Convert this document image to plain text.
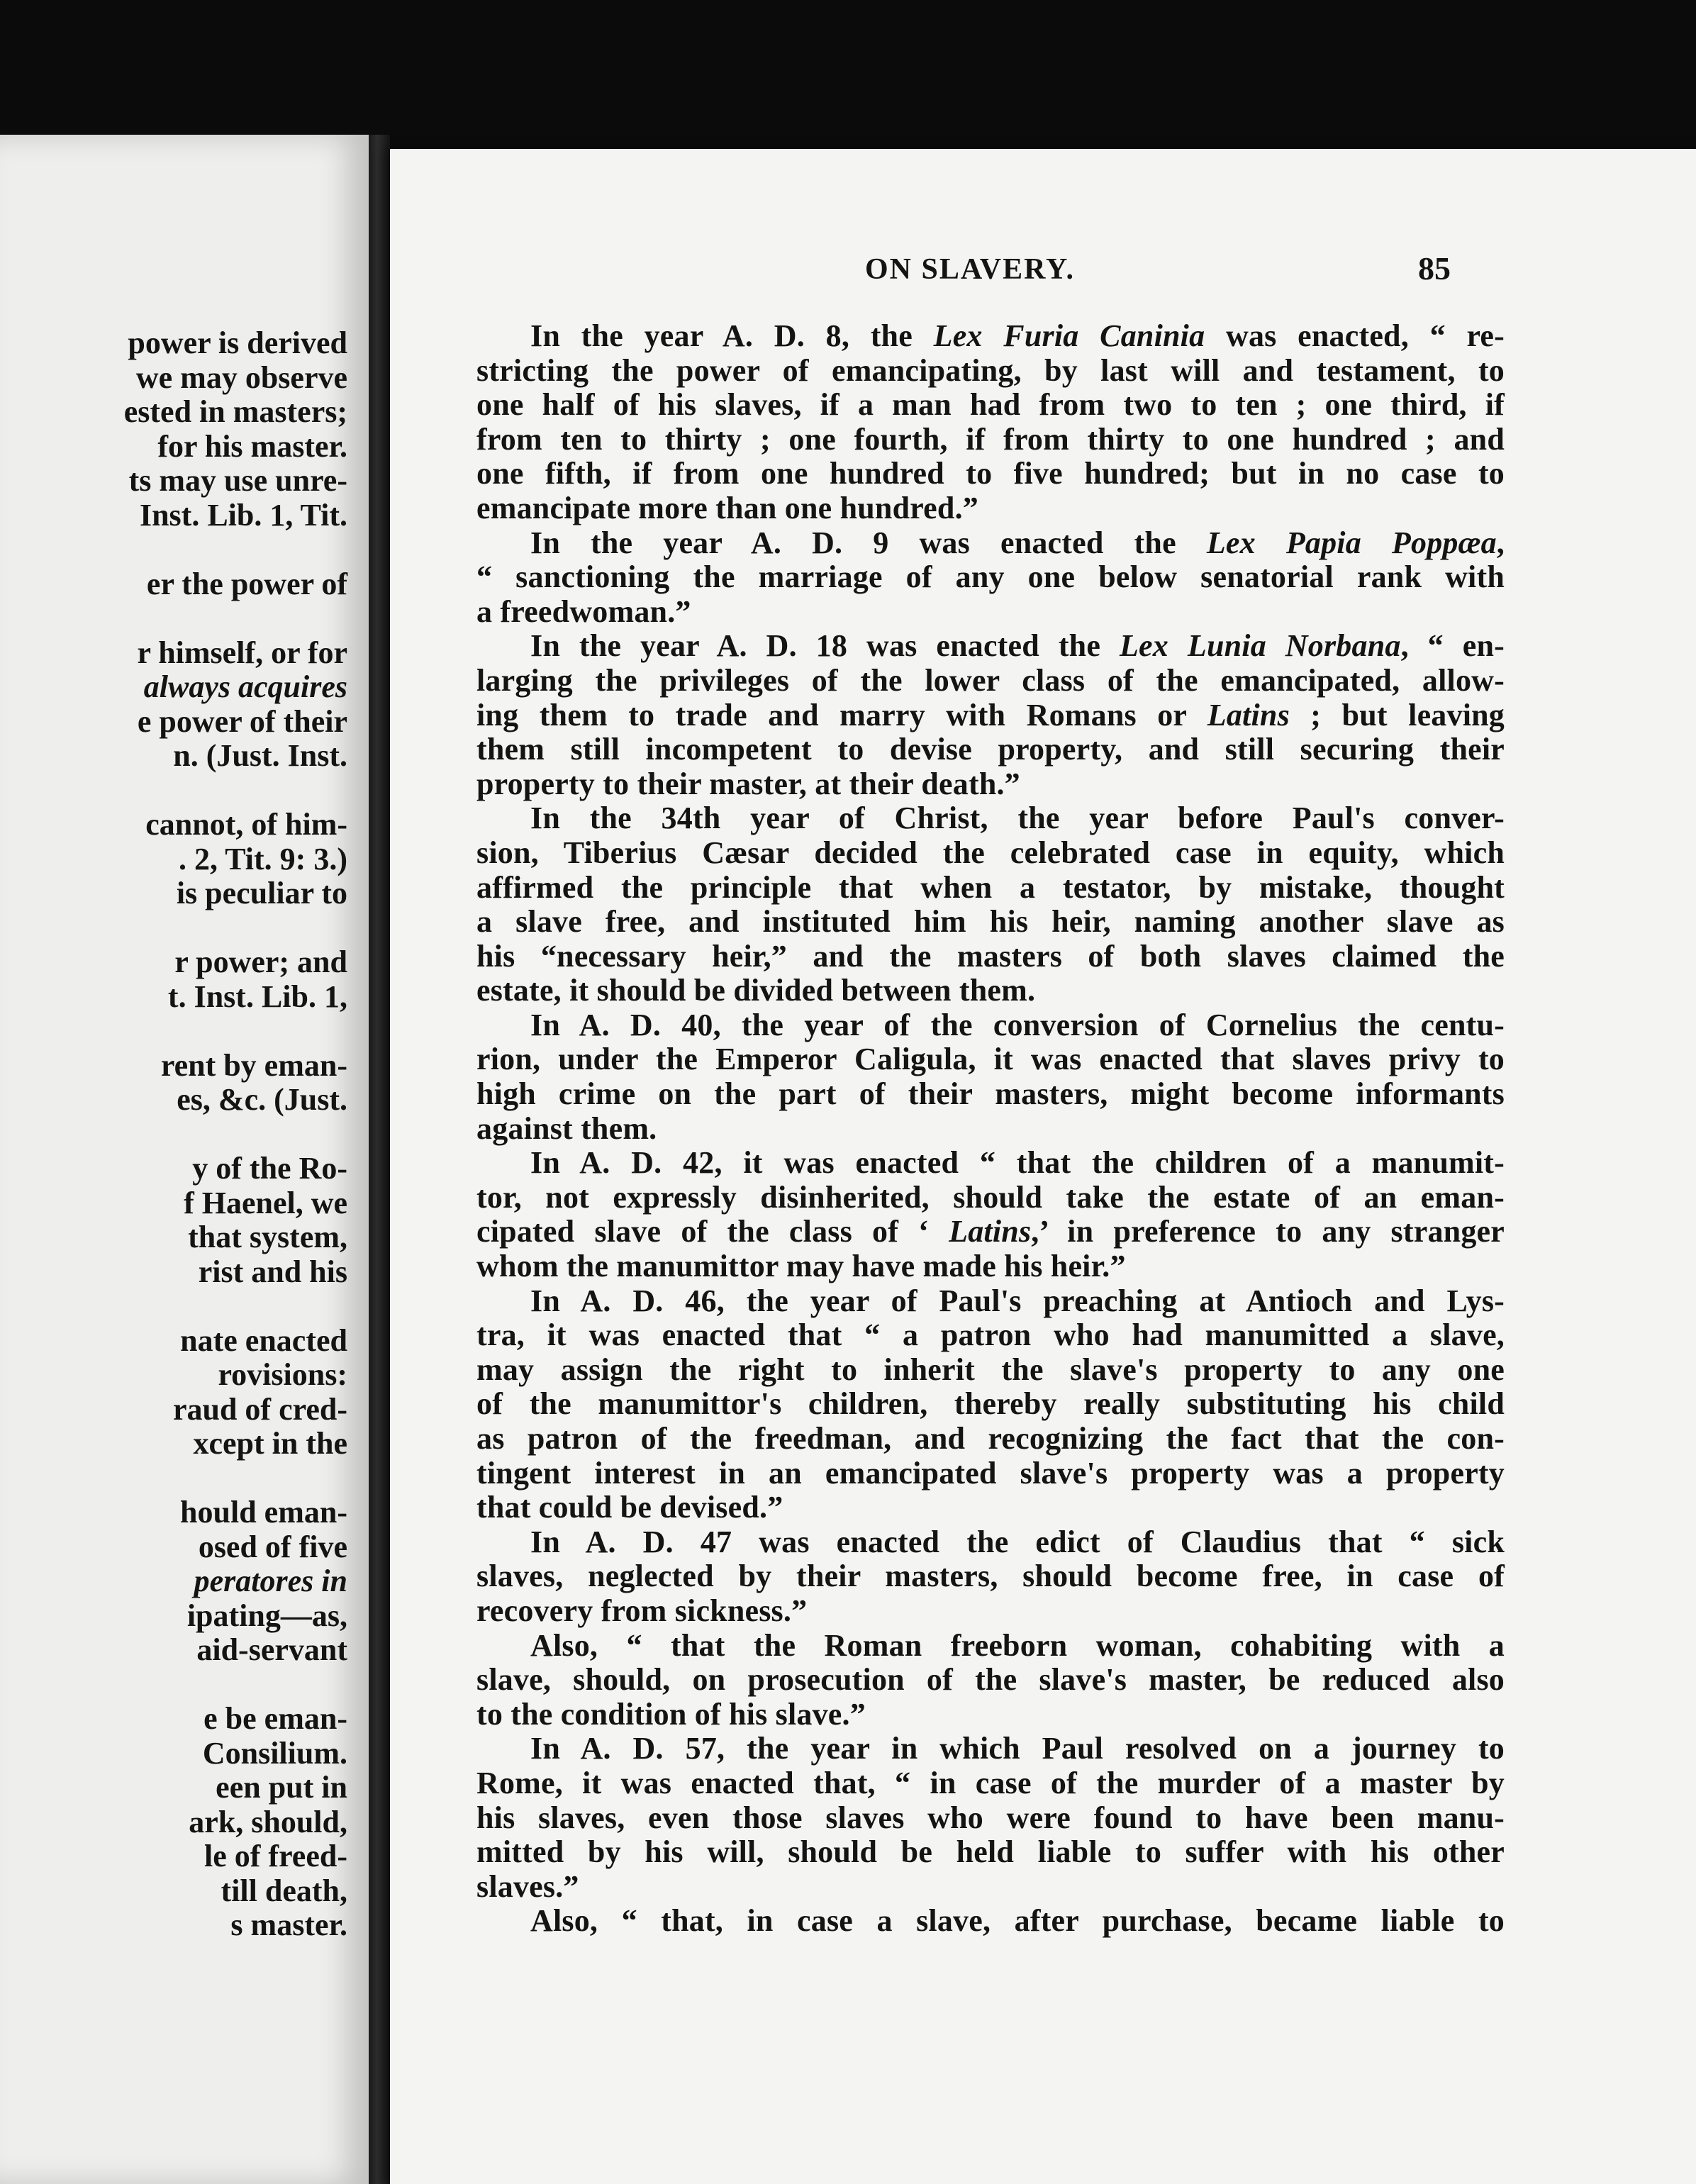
power is derived
we may observe
ested in masters;
for his master.
ts may use unre-
Inst. Lib. 1, Tit.
er the power of
r himself, or for
always acquires
e power of their
n. (Just. Inst.
cannot, of him-
. 2, Tit. 9: 3.)
is peculiar to
r power; and
t. Inst. Lib. 1,
rent by eman-
es, &c. (Just.
y of the Ro-
f Haenel, we
that system,
rist and his
nate enacted
rovisions:
raud of cred-
xcept in the
hould eman-
osed of five
peratores in
ipating—as,
aid-servant
e be eman-
Consilium.
een put in
ark, should,
le of freed-
till death,
s master.
ON SLAVERY.	85
In the year A. D. 8, the Lex Furia Caninia was enacted, “ re-
stricting the power of emancipating, by last will and testament, to
one half of his slaves, if a man had from two to ten ; one third, if
from ten to thirty ; one fourth, if from thirty to one hundred ; and
one fifth, if from one hundred to five hundred; but in no case to
emancipate more than one hundred.”
In the year A. D. 9 was enacted the Lex Papia Poppæa,
“ sanctioning the marriage of any one below senatorial rank with
a freedwoman.”
In the year A. D. 18 was enacted the Lex Lunia Norbana, “ en-
larging the privileges of the lower class of the emancipated, allow-
ing them to trade and marry with Romans or Latins ; but leaving
them still incompetent to devise property, and still securing their
property to their master, at their death.”
In the 34th year of Christ, the year before Paul's conver-
sion, Tiberius Cæsar decided the celebrated case in equity, which
affirmed the principle that when a testator, by mistake, thought
a slave free, and instituted him his heir, naming another slave as
his “necessary heir,” and the masters of both slaves claimed the
estate, it should be divided between them.
In A. D. 40, the year of the conversion of Cornelius the centu-
rion, under the Emperor Caligula, it was enacted that slaves privy to
high crime on the part of their masters, might become informants
against them.
In A. D. 42, it was enacted “ that the children of a manumit-
tor, not expressly disinherited, should take the estate of an eman-
cipated slave of the class of ‘ Latins,’ in preference to any stranger
whom the manumittor may have made his heir.”
In A. D. 46, the year of Paul's preaching at Antioch and Lys-
tra, it was enacted that “ a patron who had manumitted a slave,
may assign the right to inherit the slave's property to any one
of the manumittor's children, thereby really substituting his child
as patron of the freedman, and recognizing the fact that the con-
tingent interest in an emancipated slave's property was a property
that could be devised.”
In A. D. 47 was enacted the edict of Claudius that “ sick
slaves, neglected by their masters, should become free, in case of
recovery from sickness.”
Also, “ that the Roman freeborn woman, cohabiting with a
slave, should, on prosecution of the slave's master, be reduced also
to the condition of his slave.”
In A. D. 57, the year in which Paul resolved on a journey to
Rome, it was enacted that, “ in case of the murder of a master by
his slaves, even those slaves who were found to have been manu-
mitted by his will, should be held liable to suffer with his other
slaves.”
Also, “ that, in case a slave, after purchase, became liable to
